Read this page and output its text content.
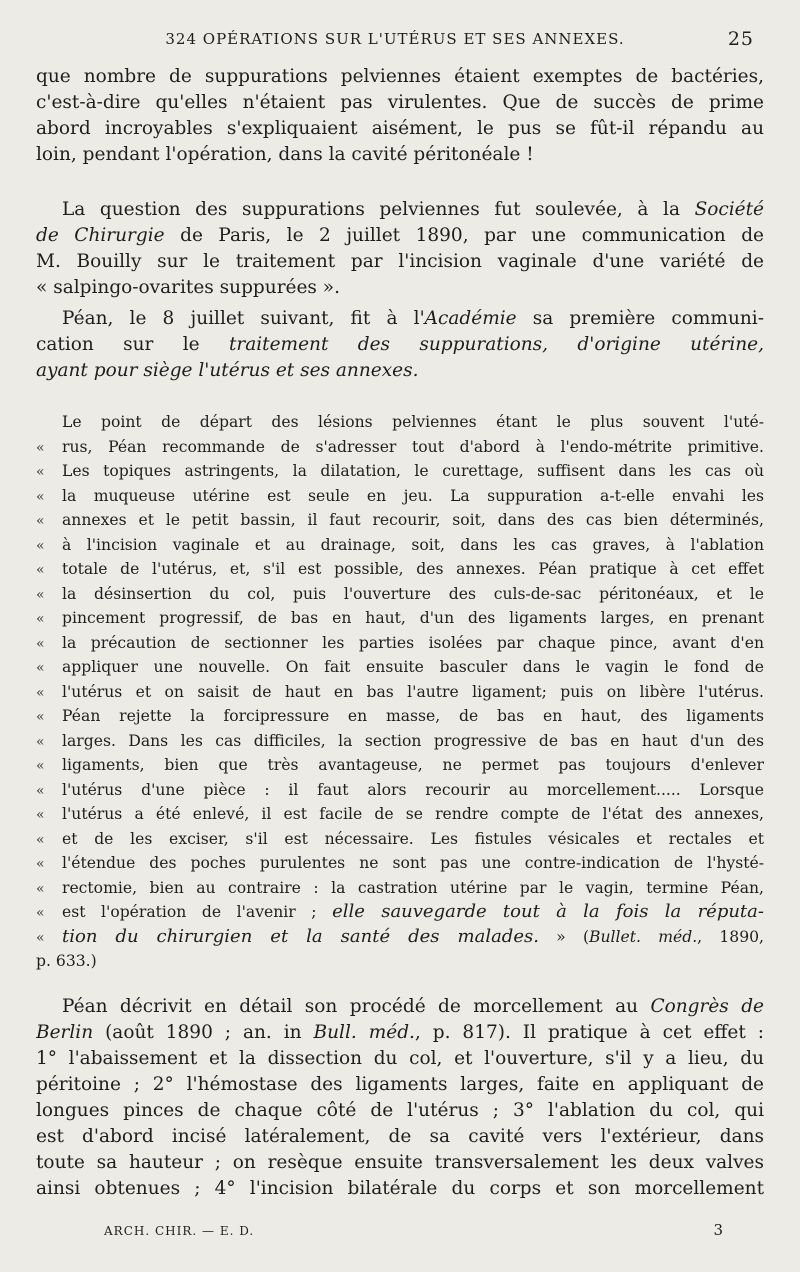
324 OPÉRATIONS SUR L'UTÉRUS ET SES ANNEXES.	25
que nombre de suppurations pelviennes étaient exemptes de bactéries,
c'est-à-dire qu'elles n'étaient pas virulentes. Que de succès de prime
abord incroyables s'expliquaient aisément, le pus se fût-il répandu au
loin, pendant l'opération, dans la cavité péritonéale !
La question des suppurations pelviennes fut soulevée, à la Société
de Chirurgie de Paris, le 2 juillet 1890, par une communication de
M. Bouilly sur le traitement par l'incision vaginale d'une variété de
« salpingo-ovarites suppurées ».
Péan, le 8 juillet suivant, fit à l'Académie sa première communi-
cation sur le traitement des suppurations, d'origine utérine,
ayant pour siège l'utérus et ses annexes.
Le point de départ des lésions pelviennes étant le plus souvent l'uté-
« rus, Péan recommande de s'adresser tout d'abord à l'endo-métrite primitive.
« Les topiques astringents, la dilatation, le curettage, suffisent dans les cas où
« la muqueuse utérine est seule en jeu. La suppuration a-t-elle envahi les
« annexes et le petit bassin, il faut recourir, soit, dans des cas bien déterminés,
« à l'incision vaginale et au drainage, soit, dans les cas graves, à l'ablation
« totale de l'utérus, et, s'il est possible, des annexes. Péan pratique à cet effet
« la désinsertion du col, puis l'ouverture des culs-de-sac péritonéaux, et le
« pincement progressif, de bas en haut, d'un des ligaments larges, en prenant
« la précaution de sectionner les parties isolées par chaque pince, avant d'en
« appliquer une nouvelle. On fait ensuite basculer dans le vagin le fond de
« l'utérus et on saisit de haut en bas l'autre ligament; puis on libère l'utérus.
« Péan rejette la forcipressure en masse, de bas en haut, des ligaments
« larges. Dans les cas difficiles, la section progressive de bas en haut d'un des
« ligaments, bien que très avantageuse, ne permet pas toujours d'enlever
« l'utérus d'une pièce : il faut alors recourir au morcellement..... Lorsque
« l'utérus a été enlevé, il est facile de se rendre compte de l'état des annexes,
« et de les exciser, s'il est nécessaire. Les fistules vésicales et rectales et
« l'étendue des poches purulentes ne sont pas une contre-indication de l'hysté-
« rectomie, bien au contraire : la castration utérine par le vagin, termine Péan,
« est l'opération de l'avenir ; elle sauvegarde tout à la fois la réputa-
« tion du chirurgien et la santé des malades. » (Bullet. méd., 1890,
p. 633.)
Péan décrivit en détail son procédé de morcellement au Congrès de
Berlin (août 1890 ; an. in Bull. méd., p. 817). Il pratique à cet effet :
1° l'abaissement et la dissection du col, et l'ouverture, s'il y a lieu, du
péritoine ; 2° l'hémostase des ligaments larges, faite en appliquant de
longues pinces de chaque côté de l'utérus ; 3° l'ablation du col, qui
est d'abord incisé latéralement, de sa cavité vers l'extérieur, dans
toute sa hauteur ; on resèque ensuite transversalement les deux valves
ainsi obtenues ; 4° l'incision bilatérale du corps et son morcellement
ARCH. CHIR. — E. D.	3
